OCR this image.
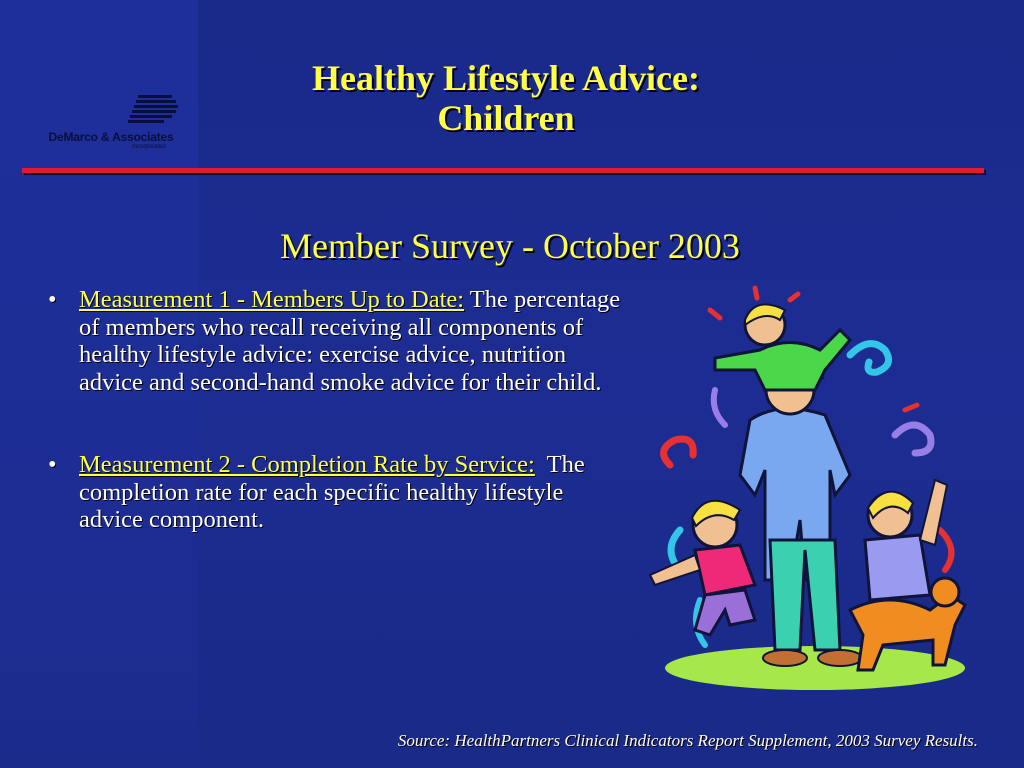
DeMarco & Associates
Incorporated
Healthy Lifestyle Advice:
Children
Member Survey - October 2003
• Measurement 1 - Members Up to Date: The percentage of members who recall receiving all components of healthy lifestyle advice: exercise advice, nutrition advice and second-hand smoke advice for their child.
• Measurement 2 - Completion Rate by Service: The completion rate for each specific healthy lifestyle advice component.
Source: HealthPartners Clinical Indicators Report Supplement, 2003 Survey Results.
